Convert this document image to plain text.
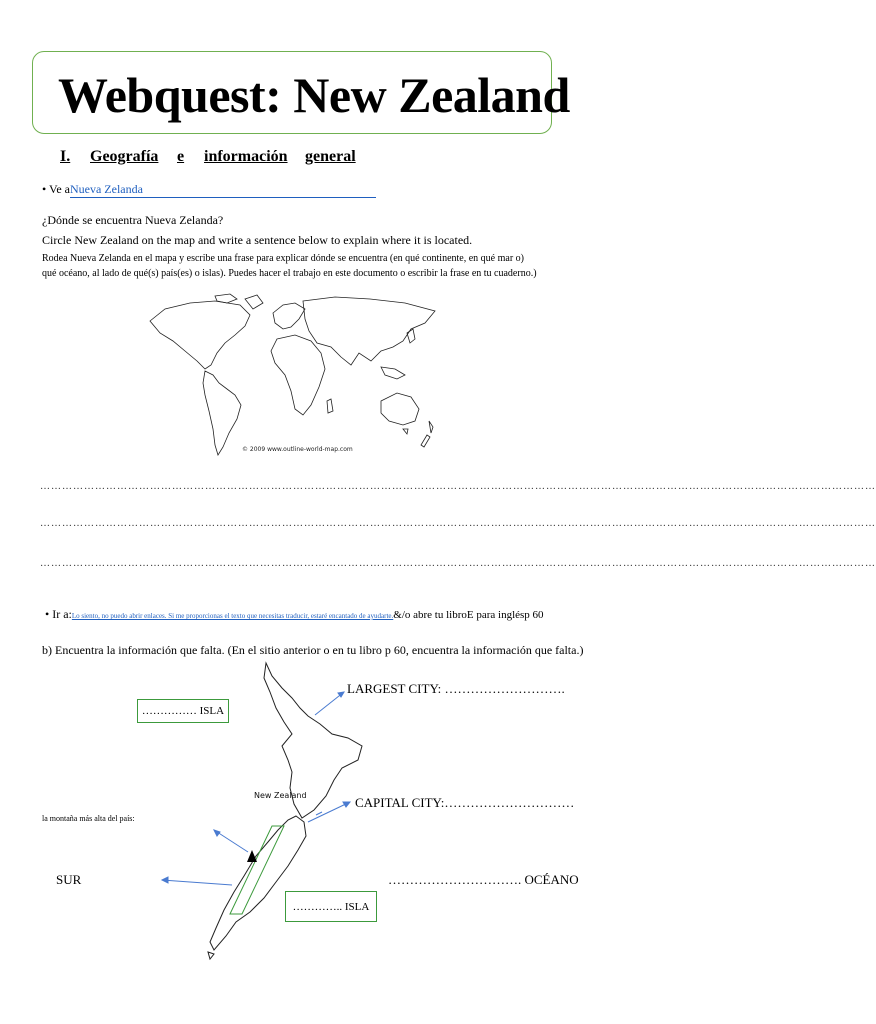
Webquest: New Zealand
I. Geografía e información general
• Ve aNueva Zelanda
¿Dónde se encuentra Nueva Zelanda?
Circle New Zealand on the map and write a sentence below to explain where it is located.
Rodea Nueva Zelanda en el mapa y escribe una frase para explicar dónde se encuentra (en qué continente, en qué mar o)
qué océano, al lado de qué(s) país(es) o islas). Puedes hacer el trabajo en este documento o escribir la frase en tu cuaderno.)
© 2009 www.outline-world-map.com
…………………………………………………………………………………………………………………………………………………………………………………………………………
…………………………………………………………………………………………………………………………………………………………………………………………………………
…………………………………………………………………………………………………………………………………………………………………………………………………………
• Ir a:Lo siento, no puedo abrir enlaces. Si me proporcionas el texto que necesitas traducir, estaré encantado de ayudarte.&/o abre tu libroE para inglésp 60
b) Encuentra la información que falta. (En el sitio anterior o en tu libro p 60, encuentra la información que falta.)
New Zealand
LARGEST CITY: ……………………….
…………… ISLA
CAPITAL CITY:…………………………
la montaña más alta del país:
SUR	…………………………. OCÉANO
………….. ISLA
